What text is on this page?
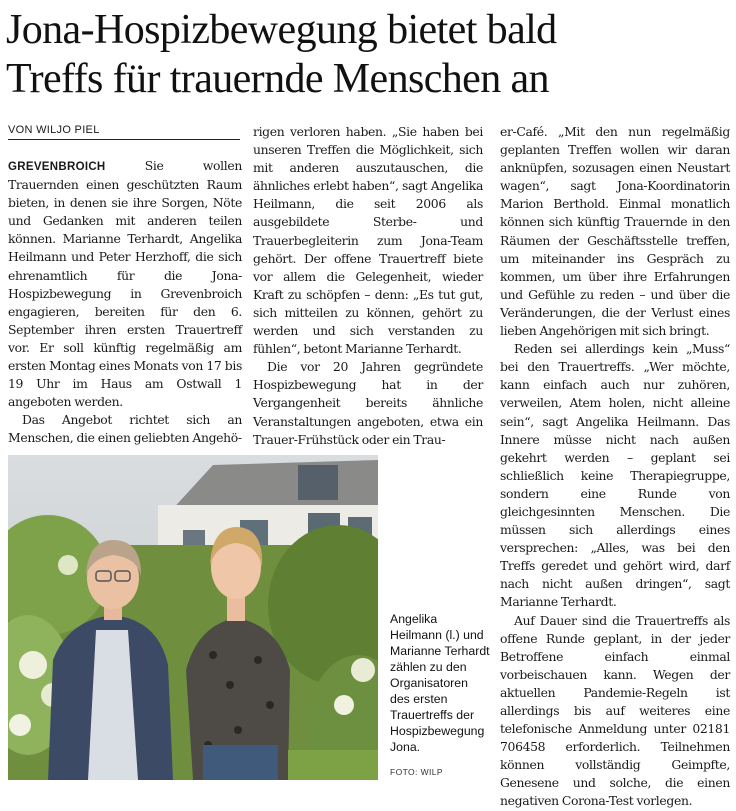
Jona-Hospizbewegung bietet bald
Treffs für trauernde Menschen an
VON WILJO PIEL

GREVENBROICH	Sie wollen Trauernden einen geschützten Raum bieten, in denen sie ihre Sorgen, Nöte und Gedanken mit anderen teilen können. Marianne Terhardt, Angelika Heilmann und Peter Herzhoff, die sich ehrenamtlich für die Jona-Hospizbewegung in Grevenbroich engagieren, bereiten für den 6. September ihren ersten Trauertreff vor. Er soll künftig regelmäßig am ersten Montag eines Monats von 17 bis 19 Uhr im Haus am Ostwall 1 angeboten werden.

Das Angebot richtet sich an Menschen, die einen geliebten Angehö-

rigen verloren haben. „Sie haben bei unseren Treffen die Möglichkeit, sich mit anderen auszutauschen, die ähnliches erlebt haben“, sagt Angelika Heilmann, die seit 2006 als ausgebildete Sterbe- und Trauerbegleiterin zum Jona-Team gehört. Der offene Trauertreff biete vor allem die Gelegenheit, wieder Kraft zu schöpfen – denn: „Es tut gut, sich mitteilen zu können, gehört zu werden und sich verstanden zu fühlen“, betont Marianne Terhardt.

Die vor 20 Jahren gegründete Hospizbewegung hat in der Vergangenheit bereits ähnliche Veranstaltungen angeboten, etwa ein Trauer-Frühstück oder ein Trau-

er-Café. „Mit den nun regelmäßig geplanten Treffen wollen wir daran anknüpfen, sozusagen einen Neustart wagen“, sagt Jona-Koordinatorin Marion Berthold. Einmal monatlich können sich künftig Trauernde in den Räumen der Geschäftsstelle treffen, um miteinander ins Gespräch zu kommen, um über ihre Erfahrungen und Gefühle zu reden – und über die Veränderungen, die der Verlust eines lieben Angehörigen mit sich bringt.

Reden sei allerdings kein „Muss“ bei den Trauertreffs. „Wer möchte, kann einfach auch nur zuhören, verweilen, Atem holen, nicht alleine sein“, sagt Angelika Heilmann. Das Innere müsse nicht nach außen gekehrt werden – geplant sei schließlich keine Therapiegruppe, sondern eine Runde von gleichgesinnten Menschen. Die müssen sich allerdings eines versprechen: „Alles, was bei den Treffs geredet und gehört wird, darf nach nicht außen dringen“, sagt Marianne Terhardt.

Auf Dauer sind die Trauertreffs als offene Runde geplant, in der jeder Betroffene einfach einmal vorbeischauen kann. Wegen der aktuellen Pandemie-Regeln ist allerdings bis auf weiteres eine telefonische Anmeldung unter 02181 706458 erforderlich. Teilnehmen können vollständig Geimpfte, Genesene und solche, die einen negativen Corona-Test vorlegen.

Angelika Heilmann (l.) und Marianne Terhardt zählen zu den Organisatoren des ersten Trauertreffs der Hospizbewegung Jona.
FOTO: WILP
